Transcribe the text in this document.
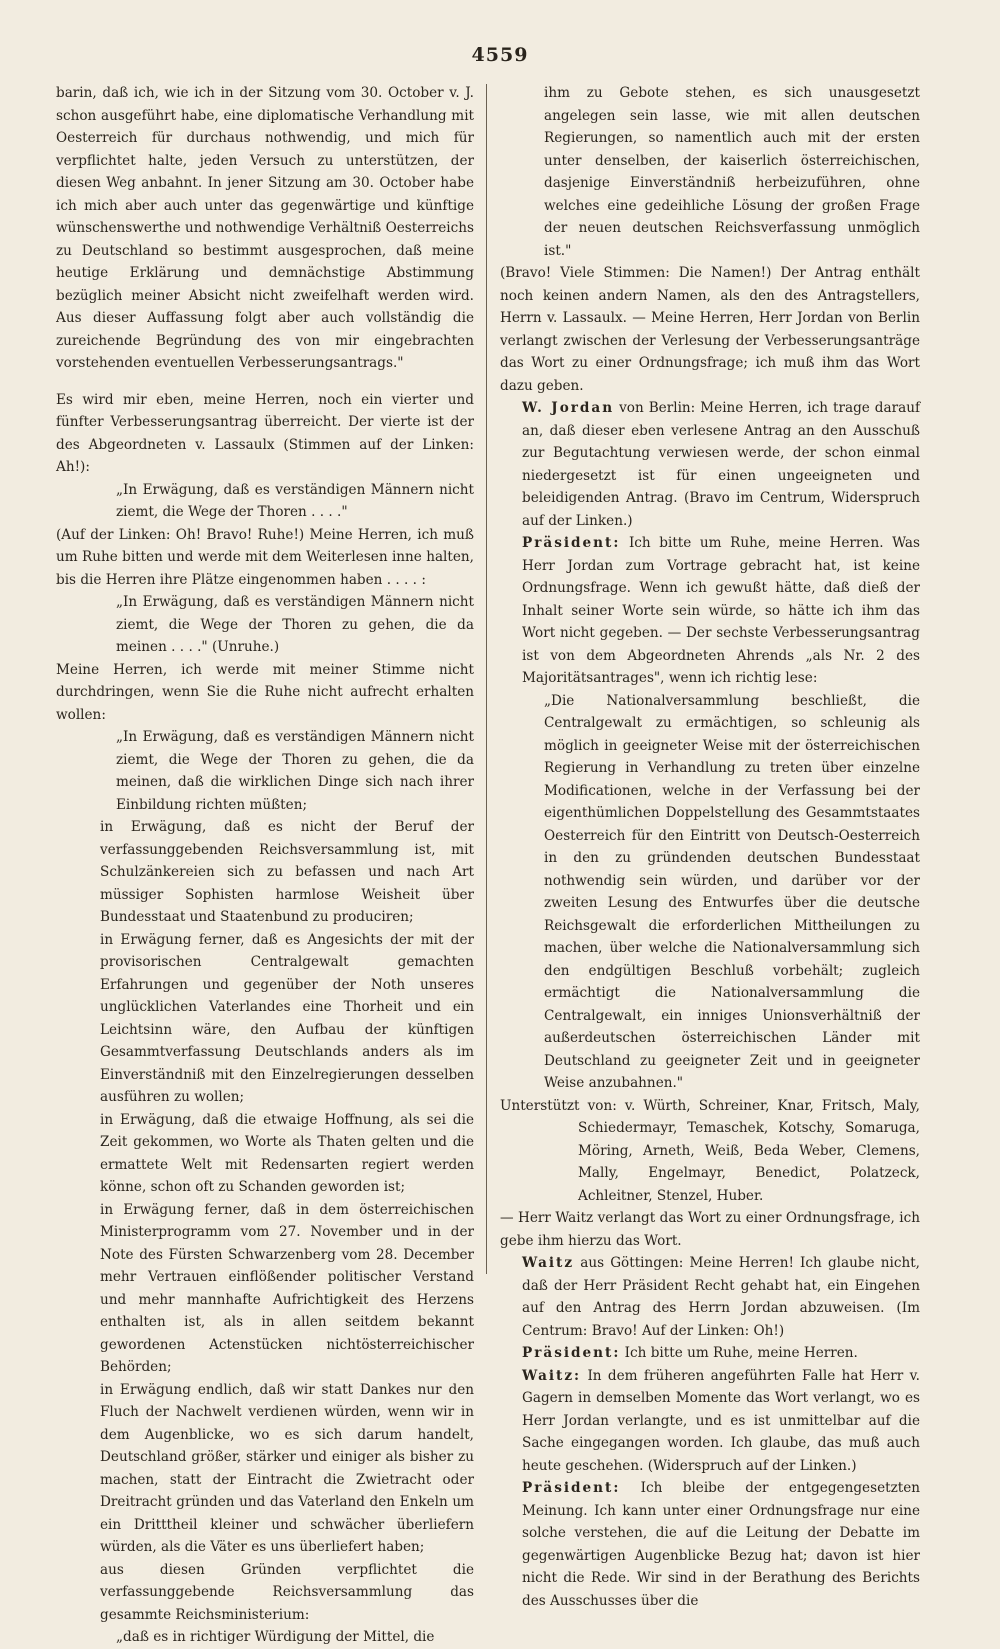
4559

barin, daß ich, wie ich in der Sitzung vom 30. October v. J. schon ausgeführt habe, eine diplomatische Verhandlung mit Oesterreich für durchaus nothwendig, und mich für verpflichtet halte, jeden Versuch zu unterstützen, der diesen Weg anbahnt. In jener Sitzung am 30. October habe ich mich aber auch unter das gegenwärtige und künftige wünschenswerthe und nothwendige Verhältniß Oesterreichs zu Deutschland so bestimmt ausgesprochen, daß meine heutige Erklärung und demnächstige Abstimmung bezüglich meiner Absicht nicht zweifelhaft werden wird. Aus dieser Auffassung folgt aber auch vollständig die zureichende Begründung des von mir eingebrachten vorstehenden eventuellen Verbesserungsantrags."

Es wird mir eben, meine Herren, noch ein vierter und fünfter Verbesserungsantrag überreicht. Der vierte ist der des Abgeordneten v. Lassaulx (Stimmen auf der Linken: Ah!):

„In Erwägung, daß es verständigen Männern nicht ziemt, die Wege der Thoren . . . ."

(Auf der Linken: Oh! Bravo! Ruhe!) Meine Herren, ich muß um Ruhe bitten und werde mit dem Weiterlesen inne halten, bis die Herren ihre Plätze eingenommen haben . . . . :

„In Erwägung, daß es verständigen Männern nicht ziemt, die Wege der Thoren zu gehen, die da meinen . . . ." (Unruhe.)

Meine Herren, ich werde mit meiner Stimme nicht durchdringen, wenn Sie die Ruhe nicht aufrecht erhalten wollen:

„In Erwägung, daß es verständigen Männern nicht ziemt, die Wege der Thoren zu gehen, die da meinen, daß die wirklichen Dinge sich nach ihrer Einbildung richten müßten;

in Erwägung, daß es nicht der Beruf der verfassunggebenden Reichsversammlung ist, mit Schulzänkereien sich zu befassen und nach Art müssiger Sophisten harmlose Weisheit über Bundesstaat und Staatenbund zu produciren;

in Erwägung ferner, daß es Angesichts der mit der provisorischen Centralgewalt gemachten Erfahrungen und gegenüber der Noth unseres unglücklichen Vaterlandes eine Thorheit und ein Leichtsinn wäre, den Aufbau der künftigen Gesammtverfassung Deutschlands anders als im Einverständniß mit den Einzelregierungen desselben ausführen zu wollen;

in Erwägung, daß die etwaige Hoffnung, als sei die Zeit gekommen, wo Worte als Thaten gelten und die ermattete Welt mit Redensarten regiert werden könne, schon oft zu Schanden geworden ist;

in Erwägung ferner, daß in dem österreichischen Ministerprogramm vom 27. November und in der Note des Fürsten Schwarzenberg vom 28. December mehr Vertrauen einflößender politischer Verstand und mehr mannhafte Aufrichtigkeit des Herzens enthalten ist, als in allen seitdem bekannt gewordenen Actenstücken nichtösterreichischer Behörden;

in Erwägung endlich, daß wir statt Dankes nur den Fluch der Nachwelt verdienen würden, wenn wir in dem Augenblicke, wo es sich darum handelt, Deutschland größer, stärker und einiger als bisher zu machen, statt der Eintracht die Zwietracht oder Dreitracht gründen und das Vaterland den Enkeln um ein Dritttheil kleiner und schwächer überliefern würden, als die Väter es uns überliefert haben;

aus diesen Gründen verpflichtet die verfassunggebende Reichsversammlung das gesammte Reichsministerium:

„daß es in richtiger Würdigung der Mittel, die

ihm zu Gebote stehen, es sich unausgesetzt angelegen sein lasse, wie mit allen deutschen Regierungen, so namentlich auch mit der ersten unter denselben, der kaiserlich österreichischen, dasjenige Einverständniß herbeizuführen, ohne welches eine gedeihliche Lösung der großen Frage der neuen deutschen Reichsverfassung unmöglich ist."

(Bravo! Viele Stimmen: Die Namen!) Der Antrag enthält noch keinen andern Namen, als den des Antragstellers, Herrn v. Lassaulx. — Meine Herren, Herr Jordan von Berlin verlangt zwischen der Verlesung der Verbesserungsanträge das Wort zu einer Ordnungsfrage; ich muß ihm das Wort dazu geben.

W. Jordan von Berlin: Meine Herren, ich trage darauf an, daß dieser eben verlesene Antrag an den Ausschuß zur Begutachtung verwiesen werde, der schon einmal niedergesetzt ist für einen ungeeigneten und beleidigenden Antrag. (Bravo im Centrum, Widerspruch auf der Linken.)

Präsident: Ich bitte um Ruhe, meine Herren. Was Herr Jordan zum Vortrage gebracht hat, ist keine Ordnungsfrage. Wenn ich gewußt hätte, daß dieß der Inhalt seiner Worte sein würde, so hätte ich ihm das Wort nicht gegeben. — Der sechste Verbesserungsantrag ist von dem Abgeordneten Ahrends „als Nr. 2 des Majoritätsantrages", wenn ich richtig lese:

„Die Nationalversammlung beschließt, die Centralgewalt zu ermächtigen, so schleunig als möglich in geeigneter Weise mit der österreichischen Regierung in Verhandlung zu treten über einzelne Modificationen, welche in der Verfassung bei der eigenthümlichen Doppelstellung des Gesammtstaates Oesterreich für den Eintritt von Deutsch-Oesterreich in den zu gründenden deutschen Bundesstaat nothwendig sein würden, und darüber vor der zweiten Lesung des Entwurfes über die deutsche Reichsgewalt die erforderlichen Mittheilungen zu machen, über welche die Nationalversammlung sich den endgültigen Beschluß vorbehält; zugleich ermächtigt die Nationalversammlung die Centralgewalt, ein inniges Unionsverhältniß der außerdeutschen österreichischen Länder mit Deutschland zu geeigneter Zeit und in geeigneter Weise anzubahnen."

Unterstützt von: v. Würth, Schreiner, Knar, Fritsch, Maly, Schiedermayr, Temaschek, Kotschy, Somaruga, Möring, Arneth, Weiß, Beda Weber, Clemens, Mally, Engelmayr, Benedict, Polatzeck, Achleitner, Stenzel, Huber.

— Herr Waitz verlangt das Wort zu einer Ordnungsfrage, ich gebe ihm hierzu das Wort.

Waitz aus Göttingen: Meine Herren! Ich glaube nicht, daß der Herr Präsident Recht gehabt hat, ein Eingehen auf den Antrag des Herrn Jordan abzuweisen. (Im Centrum: Bravo! Auf der Linken: Oh!)

Präsident: Ich bitte um Ruhe, meine Herren.

Waitz: In dem früheren angeführten Falle hat Herr v. Gagern in demselben Momente das Wort verlangt, wo es Herr Jordan verlangte, und es ist unmittelbar auf die Sache eingegangen worden. Ich glaube, das muß auch heute geschehen. (Widerspruch auf der Linken.)

Präsident: Ich bleibe der entgegengesetzten Meinung. Ich kann unter einer Ordnungsfrage nur eine solche verstehen, die auf die Leitung der Debatte im gegenwärtigen Augenblicke Bezug hat; davon ist hier nicht die Rede. Wir sind in der Berathung des Berichts des Ausschusses über die
